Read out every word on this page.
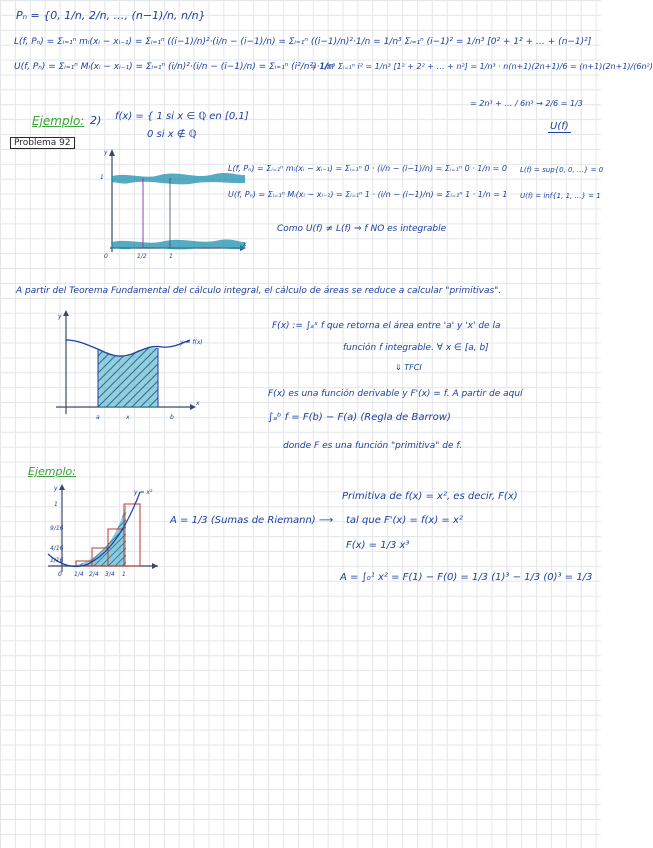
Pₙ = {0, 1/n, 2/n, …, (n−1)/n, n/n}
L(f, Pₙ) = Σᵢ₌₁ⁿ mᵢ(xᵢ − xᵢ₋₁) = Σᵢ₌₁ⁿ ((i−1)/n)²·(i/n − (i−1)/n) = Σᵢ₌₁ⁿ ((i−1)/n)²·1/n = 1/n³ Σᵢ₌₁ⁿ (i−1)² = 1/n³ [0² + 1² + … + (n−1)²]
U(f, Pₙ) = Σᵢ₌₁ⁿ Mᵢ(xᵢ − xᵢ₋₁) = Σᵢ₌₁ⁿ (i/n)²·(i/n − (i−1)/n) = Σᵢ₌₁ⁿ (i²/n²)·1/n
= 1/n³ Σᵢ₌₁ⁿ i² = 1/n³ [1² + 2² + … + n²] = 1/n³ · n(n+1)(2n+1)/6 = (n+1)(2n+1)/(6n²)
= 2n³ + … / 6n³ → 2/6 = 1/3
U(f)
Ejemplo: 2) f(x) = { 1 si x ∈ ℚ en [0,1]
0 si x ∉ ℚ
Problema 92
1
0	1/2	1
x
y
L(f, Pₙ) = Σᵢ₌₁ⁿ mᵢ(xᵢ − xᵢ₋₁) = Σᵢ₌₁ⁿ 0 · (i/n − (i−1)/n) = Σᵢ₌₁ⁿ 0 · 1/n = 0 L(f) = sup{0, 0, …} = 0
U(f, Pₙ) = Σᵢ₌₁ⁿ Mᵢ(xᵢ − xᵢ₋₁) = Σᵢ₌₁ⁿ 1 · (i/n − (i−1)/n) = Σᵢ₌₁ⁿ 1 · 1/n = 1 U(f) = inf{1, 1, …} = 1
Como U(f) ≠ L(f) ⇒ f NO es integrable
A partir del Teorema Fundamental del cálculo integral, el cálculo de áreas se reduce a calcular "primitivas".
a	x	b
x
y
y = f(x)
F(x) := ∫ₐˣ f que retorna el área entre 'a' y 'x' de la
función f integrable. ∀ x ∈ [a, b]
⇓ TFCI
F(x) es una función derivable y F'(x) = f. A partir de aquí
∫ₐᵇ f = F(b) − F(a) (Regla de Barrow)
donde F es una función "primitiva" de f.
Ejemplo:
1
9/16
4/16
1/16
0 1/4 2/4 3/4 1
y = x²
y
A = 1/3 (Sumas de Riemann) ⟶
Primitiva de f(x) = x², es decir, F(x)
tal que F'(x) = f(x) = x²
F(x) = 1/3 x³
A = ∫₀¹ x² = F(1) − F(0) = 1/3 (1)³ − 1/3 (0)³ = 1/3
